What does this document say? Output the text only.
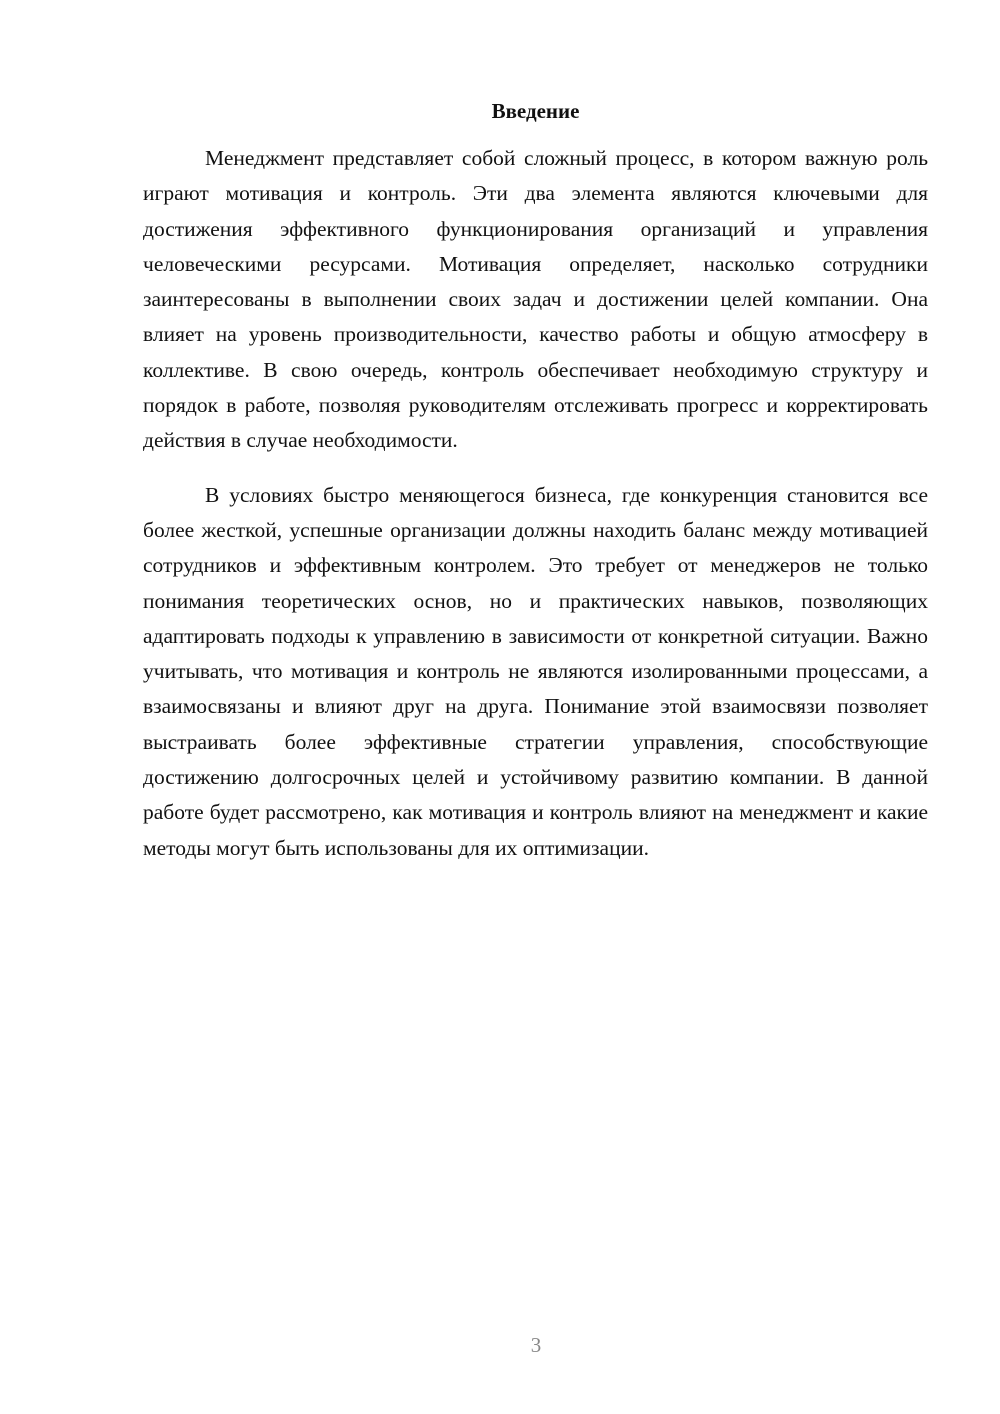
Введение

Менеджмент представляет собой сложный процесс, в котором важную роль играют мотивация и контроль. Эти два элемента являются ключевыми для достижения эффективного функционирования организаций и управления человеческими ресурсами. Мотивация определяет, насколько сотрудники заинтересованы в выполнении своих задач и достижении целей компании. Она влияет на уровень производительности, качество работы и общую атмосферу в коллективе. В свою очередь, контроль обеспечивает необходимую структуру и порядок в работе, позволяя руководителям отслеживать прогресс и корректировать действия в случае необходимости.

В условиях быстро меняющегося бизнеса, где конкуренция становится все более жесткой, успешные организации должны находить баланс между мотивацией сотрудников и эффективным контролем. Это требует от менеджеров не только понимания теоретических основ, но и практических навыков, позволяющих адаптировать подходы к управлению в зависимости от конкретной ситуации. Важно учитывать, что мотивация и контроль не являются изолированными процессами, а взаимосвязаны и влияют друг на друга. Понимание этой взаимосвязи позволяет выстраивать более эффективные стратегии управления, способствующие достижению долгосрочных целей и устойчивому развитию компании. В данной работе будет рассмотрено, как мотивация и контроль влияют на менеджмент и какие методы могут быть использованы для их оптимизации.

3
